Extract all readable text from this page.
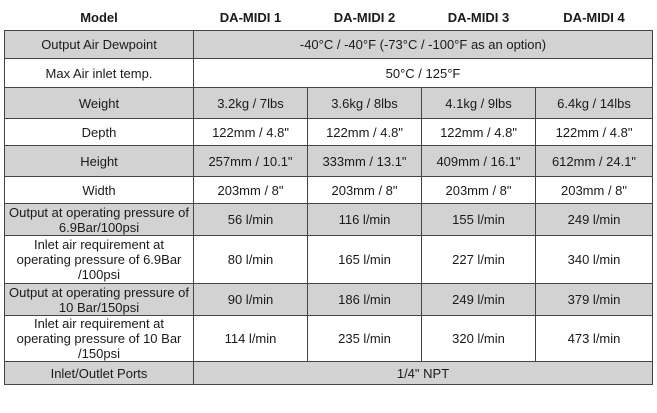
Model	DA-MIDI 1	DA-MIDI 2	DA-MIDI 3	DA-MIDI 4
Output Air Dewpoint	-40°C / -40°F (-73°C / -100°F as an option)			
Max Air inlet temp.	50°C / 125°F			
Weight	3.2kg / 7lbs	3.6kg / 8lbs	4.1kg / 9lbs	6.4kg / 14lbs
Depth	122mm / 4.8"	122mm / 4.8"	122mm / 4.8"	122mm / 4.8"
Height	257mm / 10.1"	333mm / 13.1"	409mm / 16.1"	612mm / 24.1"
Width	203mm / 8"	203mm / 8"	203mm / 8"	203mm / 8"
Output at operating pressure of 6.9Bar/100psi	56 l/min	116 l/min	155 l/min	249 l/min
Inlet air requirement at operating pressure of 6.9Bar /100psi	80 l/min	165 l/min	227 l/min	340 l/min
Output at operating pressure of 10 Bar/150psi	90 l/min	186 l/min	249 l/min	379 l/min
Inlet air requirement at operating pressure of 10 Bar /150psi	114 l/min	235 l/min	320 l/min	473 l/min
Inlet/Outlet Ports	1/4" NPT			
